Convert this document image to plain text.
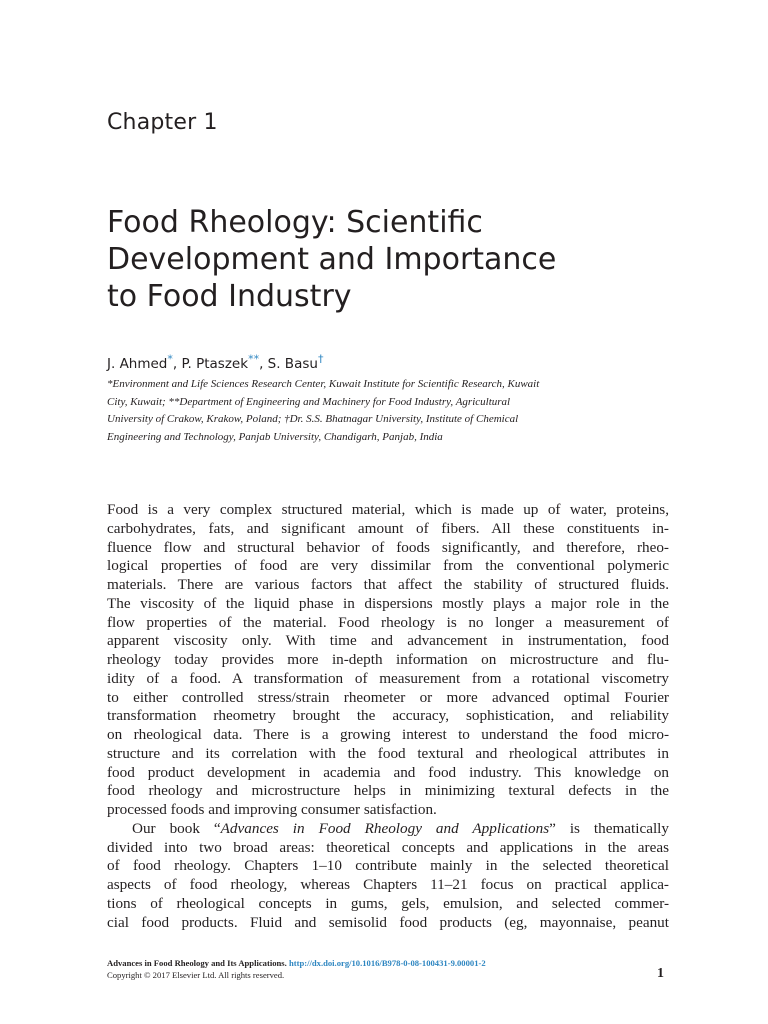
Chapter 1
Food Rheology: Scientific
Development and Importance
to Food Industry
J. Ahmed*, P. Ptaszek**, S. Basu†
*Environment and Life Sciences Research Center, Kuwait Institute for Scientific Research, Kuwait
City, Kuwait; **Department of Engineering and Machinery for Food Industry, Agricultural
University of Crakow, Krakow, Poland; †Dr. S.S. Bhatnagar University, Institute of Chemical
Engineering and Technology, Panjab University, Chandigarh, Panjab, India
Food is a very complex structured material, which is made up of water, proteins,
carbohydrates, fats, and significant amount of fibers. All these constituents in-
fluence flow and structural behavior of foods significantly, and therefore, rheo-
logical properties of food are very dissimilar from the conventional polymeric
materials. There are various factors that affect the stability of structured fluids.
The viscosity of the liquid phase in dispersions mostly plays a major role in the
flow properties of the material. Food rheology is no longer a measurement of
apparent viscosity only. With time and advancement in instrumentation, food
rheology today provides more in-depth information on microstructure and flu-
idity of a food. A transformation of measurement from a rotational viscometry
to either controlled stress/strain rheometer or more advanced optimal Fourier
transformation rheometry brought the accuracy, sophistication, and reliability
on rheological data. There is a growing interest to understand the food micro-
structure and its correlation with the food textural and rheological attributes in
food product development in academia and food industry. This knowledge on
food rheology and microstructure helps in minimizing textural defects in the
processed foods and improving consumer satisfaction.
Our book “Advances in Food Rheology and Applications” is thematically
divided into two broad areas: theoretical concepts and applications in the areas
of food rheology. Chapters 1–10 contribute mainly in the selected theoretical
aspects of food rheology, whereas Chapters 11–21 focus on practical applica-
tions of rheological concepts in gums, gels, emulsion, and selected commer-
cial food products. Fluid and semisolid food products (eg, mayonnaise, peanut
Advances in Food Rheology and Its Applications. http://dx.doi.org/10.1016/B978-0-08-100431-9.00001-2
Copyright © 2017 Elsevier Ltd. All rights reserved.	1
